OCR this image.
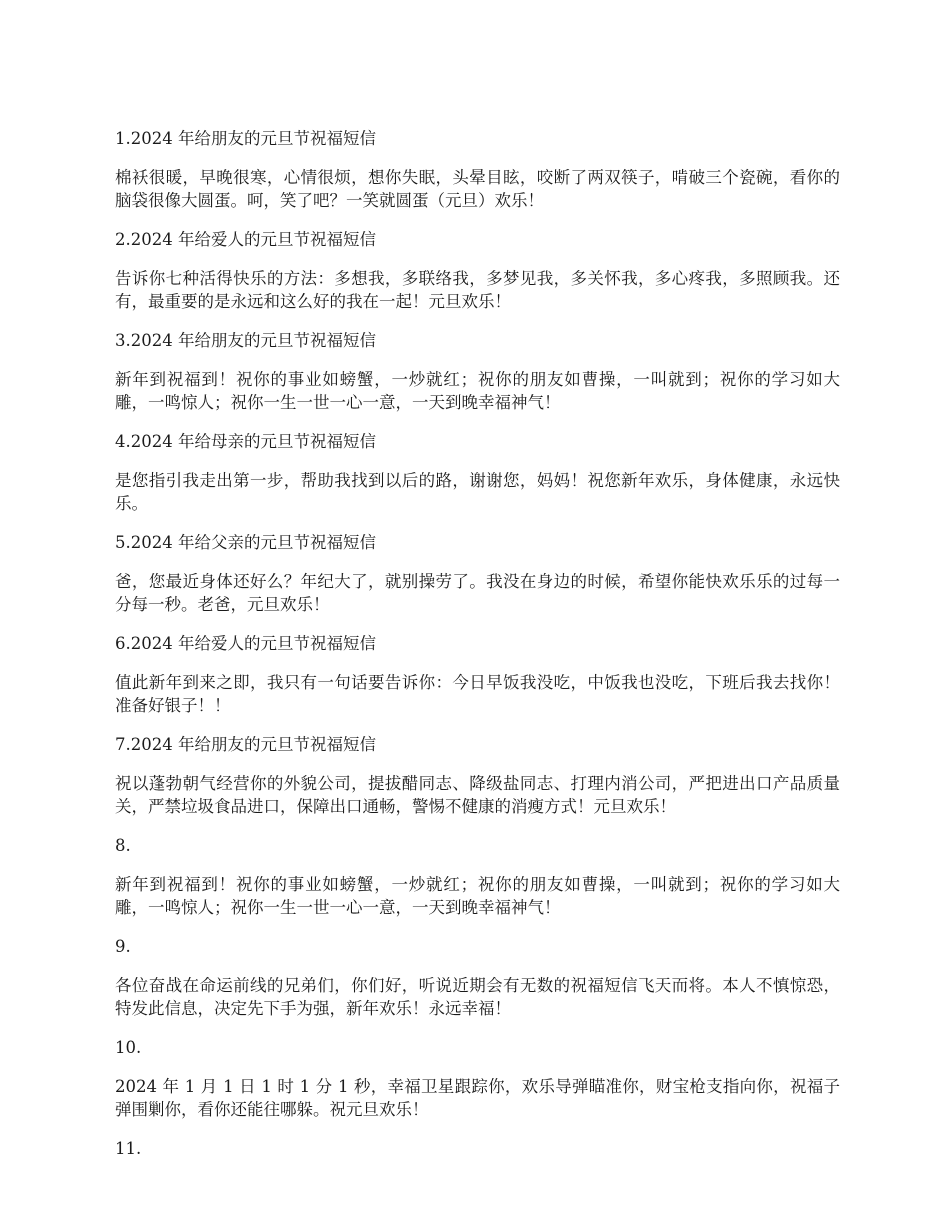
1.2024 年给朋友的元旦节祝福短信

棉袄很暖，早晚很寒，心情很烦，想你失眠，头晕目眩，咬断了两双筷子，啃破三个瓷碗，看你的脑袋很像大圆蛋。呵，笑了吧？一笑就圆蛋（元旦）欢乐！

2.2024 年给爱人的元旦节祝福短信

告诉你七种活得快乐的方法：多想我，多联络我，多梦见我，多关怀我，多心疼我，多照顾我。还有，最重要的是永远和这么好的我在一起！元旦欢乐！

3.2024 年给朋友的元旦节祝福短信

新年到祝福到！祝你的事业如螃蟹，一炒就红；祝你的朋友如曹操，一叫就到；祝你的学习如大雕，一鸣惊人；祝你一生一世一心一意，一天到晚幸福神气！

4.2024 年给母亲的元旦节祝福短信

是您指引我走出第一步，帮助我找到以后的路，谢谢您，妈妈！祝您新年欢乐，身体健康，永远快乐。

5.2024 年给父亲的元旦节祝福短信

爸，您最近身体还好么？年纪大了，就别操劳了。我没在身边的时候，希望你能快欢乐乐的过每一分每一秒。老爸，元旦欢乐！

6.2024 年给爱人的元旦节祝福短信

值此新年到来之即，我只有一句话要告诉你：今日早饭我没吃，中饭我也没吃，下班后我去找你！准备好银子！！

7.2024 年给朋友的元旦节祝福短信

祝以蓬勃朝气经营你的外貌公司，提拔醋同志、降级盐同志、打理内消公司，严把进出口产品质量关，严禁垃圾食品进口，保障出口通畅，警惕不健康的消瘦方式！元旦欢乐！

8.

新年到祝福到！祝你的事业如螃蟹，一炒就红；祝你的朋友如曹操，一叫就到；祝你的学习如大雕，一鸣惊人；祝你一生一世一心一意，一天到晚幸福神气！

9.

各位奋战在命运前线的兄弟们，你们好，听说近期会有无数的祝福短信飞天而将。本人不慎惊恐，特发此信息，决定先下手为强，新年欢乐！永远幸福！

10.

2024 年 1 月 1 日 1 时 1 分 1 秒，幸福卫星跟踪你，欢乐导弹瞄准你，财宝枪支指向你，祝福子弹围剿你，看你还能往哪躲。祝元旦欢乐！

11.
